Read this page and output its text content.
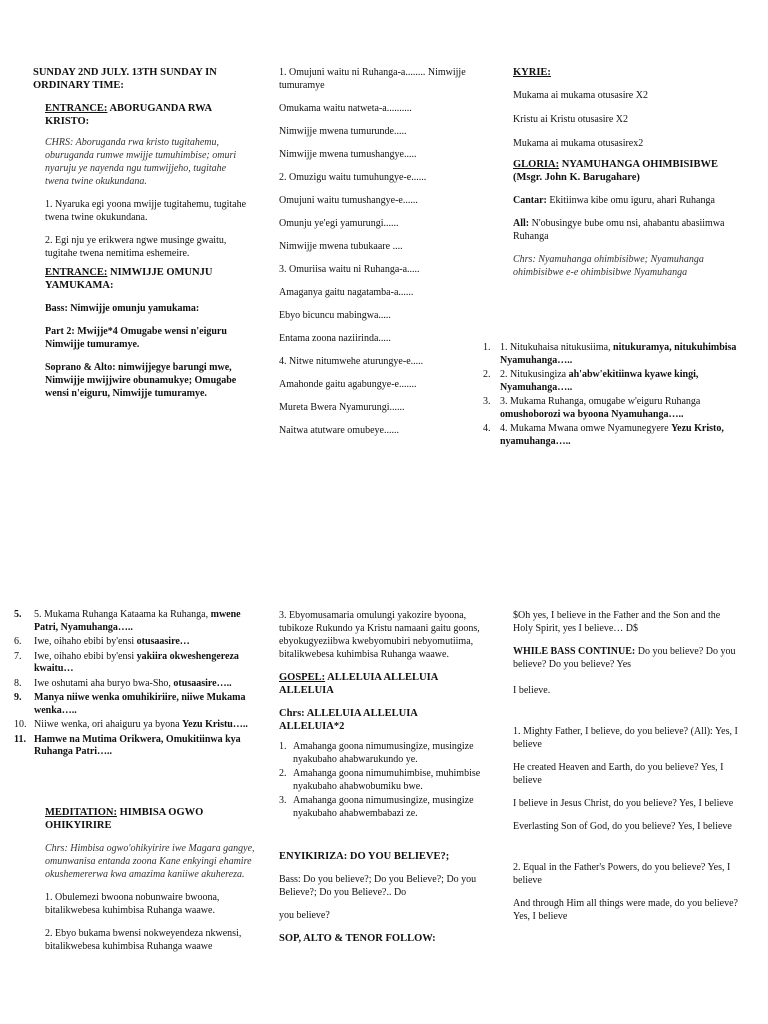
SUNDAY 2ND JULY. 13TH SUNDAY IN ORDINARY TIME:

ENTRANCE: ABORUGANDA RWA KRISTO:

CHRS: Aboruganda rwa kristo tugitahemu, oburuganda rumwe mwijje tumuhimbise; omuri nyaruju ye nayenda ngu tumwijjeho, tugitahe twena twine okukundana.

1. Nyaruka egi yoona mwijje tugitahemu, tugitahe twena twine okukundana.

2. Egi nju ye erikwera ngwe musinge gwaitu, tugitahe twena nemitima eshemeire.

ENTRANCE: NIMWIJJE OMUNJU YAMUKAMA:

Bass: Nimwijje omunju yamukama:

Part 2: Mwijje*4 Omugabe wensi n'eiguru Nimwijje tumuramye.

Soprano & Alto: nimwijjegye barungi mwe, Nimwijje mwijjwire obunamukye; Omugabe wensi n'eiguru, Nimwijje tumuramye.

1. Omujuni waitu ni Ruhanga-a........ Nimwijje tumuramye

Omukama waitu natweta-a..........

Nimwijje mwena tumurunde.....

Nimwijje mwena tumushangye.....

2. Omuzigu waitu tumuhungye-e......

Omujuni waitu tumushangye-e......

Omunju ye'egi yamurungi......

Nimwijje mwena tubukaare ....

3. Omuriisa waitu ni Ruhanga-a.....

Amaganya gaitu nagatamba-a......

Ebyo bicuncu mabingwa.....

Entama zoona naziirinda.....

4. Nitwe nitumwehe aturungye-e.....

Amahonde gaitu agabungye-e.......

Mureta Bwera Nyamurungi......

Naitwa atutware omubeye......

KYRIE:

Mukama ai mukama otusasire X2

Kristu ai Kristu otusasire X2

Mukama ai mukama otusasirex2

GLORIA: NYAMUHANGA OHIMBISIBWE (Msgr. John K. Barugahare)

Cantar: Ekitiinwa kibe omu iguru, ahari Ruhanga

All: N'obusingye bube omu nsi, ahabantu abasiimwa Ruhanga

Chrs: Nyamuhanga ohimbisibwe; Nyamuhanga ohimbisibwe e-e ohimbisibwe Nyamuhanga

1. 1. Nitukuhaisa nitukusiima, nitukuramya, nitukuhimbisa Nyamuhanga…..
2. 2. Nitukusingiza ah'abw'ekitiinwa kyawe kingi, Nyamuhanga…..
3. 3. Mukama Ruhanga, omugabe w'eiguru Ruhanga omushoborozi wa byoona Nyamuhanga…..
4. 4. Mukama Mwana omwe Nyamunegyere Yezu Kristo, nyamuhanga…..
5. 5. Mukama Ruhanga Kataama ka Ruhanga, mwene Patri, Nyamuhanga…..
6. Iwe, oihaho ebibi by'ensi otusaasire…
7. Iwe, oihaho ebibi by'ensi yakiira okweshengereza kwaitu…
8. Iwe oshutami aha buryo bwa-Sho, otusaasire…..
9. Manya niiwe wenka omuhikiriire, niiwe Mukama wenka…..
10. Niiwe wenka, ori ahaiguru ya byona Yezu Kristu…..
11. Hamwe na Mutima Orikwera, Omukitiinwa kya Ruhanga Patri…..

MEDITATION: HIMBISA OGWO OHIKYIRIRE

Chrs: Himbisa ogwo'ohikyirire iwe Magara gangye, omunwanisa entanda zoona Kane enkyingi ehamire okushemererwa kwa amazima kaniiwe akuhereza.

1. Obulemezi bwoona nobunwaire bwoona, bitalikwebesa kuhimbisa Ruhanga waawe.

2. Ebyo bukama bwensi nokweyendeza nkwensi, bitalikwebesa kuhimbisa Ruhanga waawe

3. Ebyomusamaria omulungi yakozire byoona, tubikoze Rukundo ya Kristu namaani gaitu goons, ebyokugyeziibwa kwebyomubiri nebyomutiima, bitalikwebesa kuhimbisa Ruhanga waawe.

GOSPEL: ALLELUIA ALLELUIA ALLELUIA

Chrs: ALLELUIA ALLELUIA ALLELUIA*2

1. Amahanga goona nimumusingize, musingize nyakubaho ahabwarukundo ye.
2. Amahanga goona nimumuhimbise, muhimbise nyakubaho ahabwobumiku bwe.
3. Amahanga goona nimumusingize, musingize nyakubaho ahabwembabazi ze.

ENYIKIRIZA: DO YOU BELIEVE?;

Bass: Do you believe?; Do you Believe?; Do you Believe?; Do you Believe?.. Do

you believe?

SOP, ALTO & TENOR FOLLOW:

$Oh yes, I believe in the Father and the Son and the Holy Spirit, yes I believe… D$

WHILE BASS CONTINUE: Do you believe? Do you believe? Do you believe? Yes

I believe.

1. Mighty Father, I believe, do you believe? (All): Yes, I believe

He created Heaven and Earth, do you believe? Yes, I believe

I believe in Jesus Christ, do you believe? Yes, I believe

Everlasting Son of God, do you believe? Yes, I believe

2. Equal in the Father's Powers, do you believe? Yes, I believe

And through Him all things were made, do you believe? Yes, I believe
